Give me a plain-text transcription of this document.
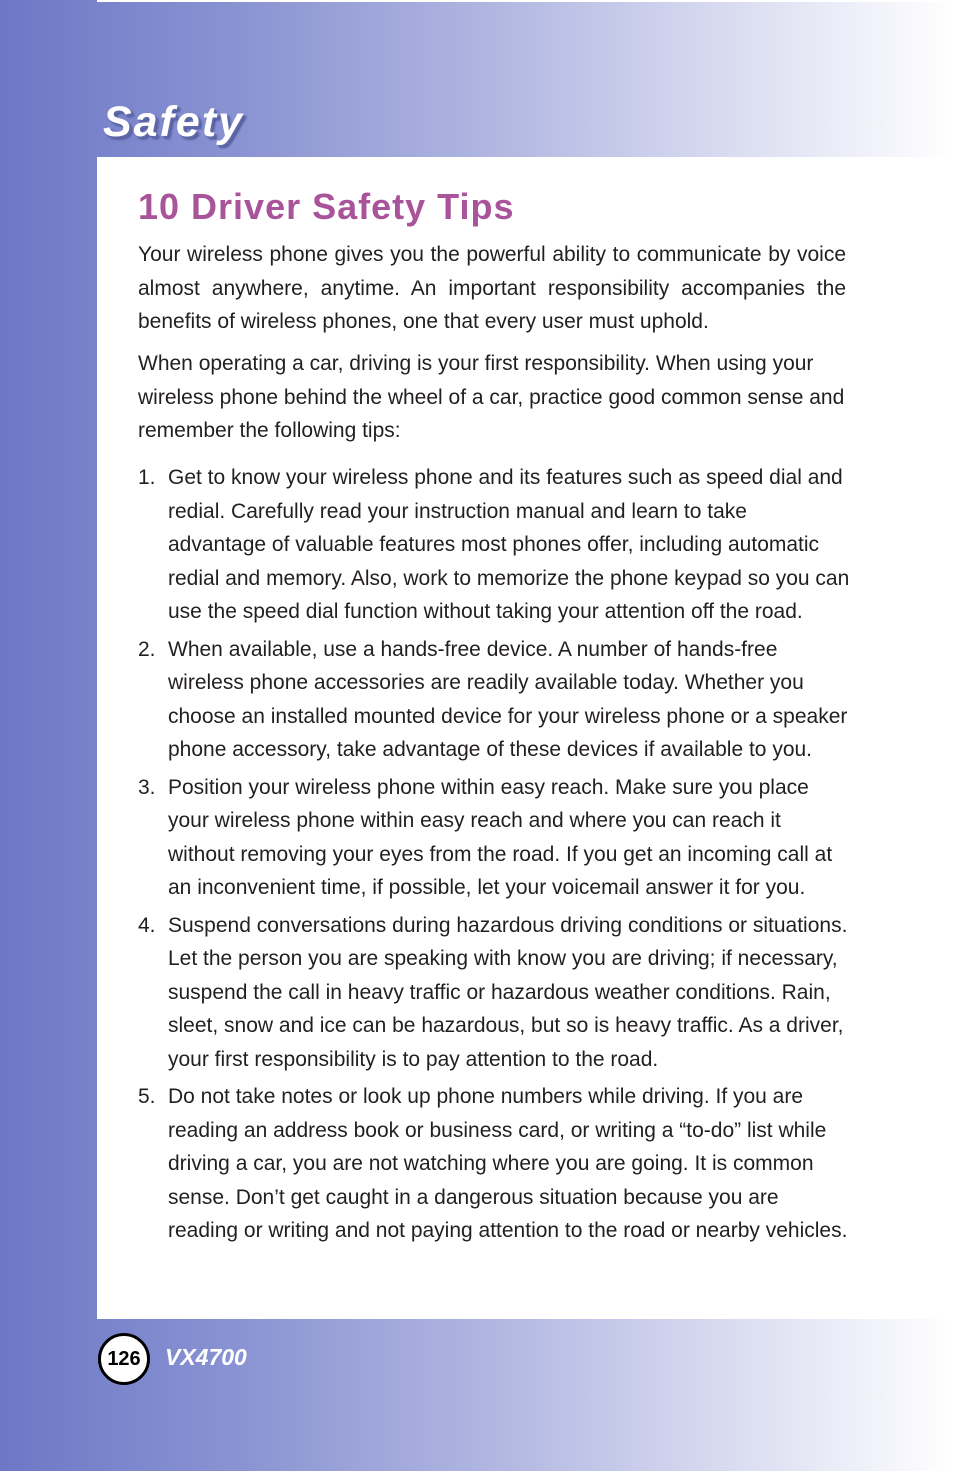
Safety
10 Driver Safety Tips

Your wireless phone gives you the powerful ability to communicate by voice almost anywhere, anytime. An important responsibility accompanies the benefits of wireless phones, one that every user must uphold.

When operating a car, driving is your first responsibility. When using your wireless phone behind the wheel of a car, practice good common sense and remember the following tips:

1. Get to know your wireless phone and its features such as speed dial and redial. Carefully read your instruction manual and learn to take advantage of valuable features most phones offer, including automatic redial and memory. Also, work to memorize the phone keypad so you can use the speed dial function without taking your attention off the road.
2. When available, use a hands-free device. A number of hands-free wireless phone accessories are readily available today. Whether you choose an installed mounted device for your wireless phone or a speaker phone accessory, take advantage of these devices if available to you.
3. Position your wireless phone within easy reach. Make sure you place your wireless phone within easy reach and where you can reach it without removing your eyes from the road. If you get an incoming call at an inconvenient time, if possible, let your voicemail answer it for you.
4. Suspend conversations during hazardous driving conditions or situations. Let the person you are speaking with know you are driving; if necessary, suspend the call in heavy traffic or hazardous weather conditions. Rain, sleet, snow and ice can be hazardous, but so is heavy traffic. As a driver, your first responsibility is to pay attention to the road.
5. Do not take notes or look up phone numbers while driving. If you are reading an address book or business card, or writing a “to-do” list while driving a car, you are not watching where you are going. It is common sense. Don’t get caught in a dangerous situation because you are reading or writing and not paying attention to the road or nearby vehicles.
126 VX4700
